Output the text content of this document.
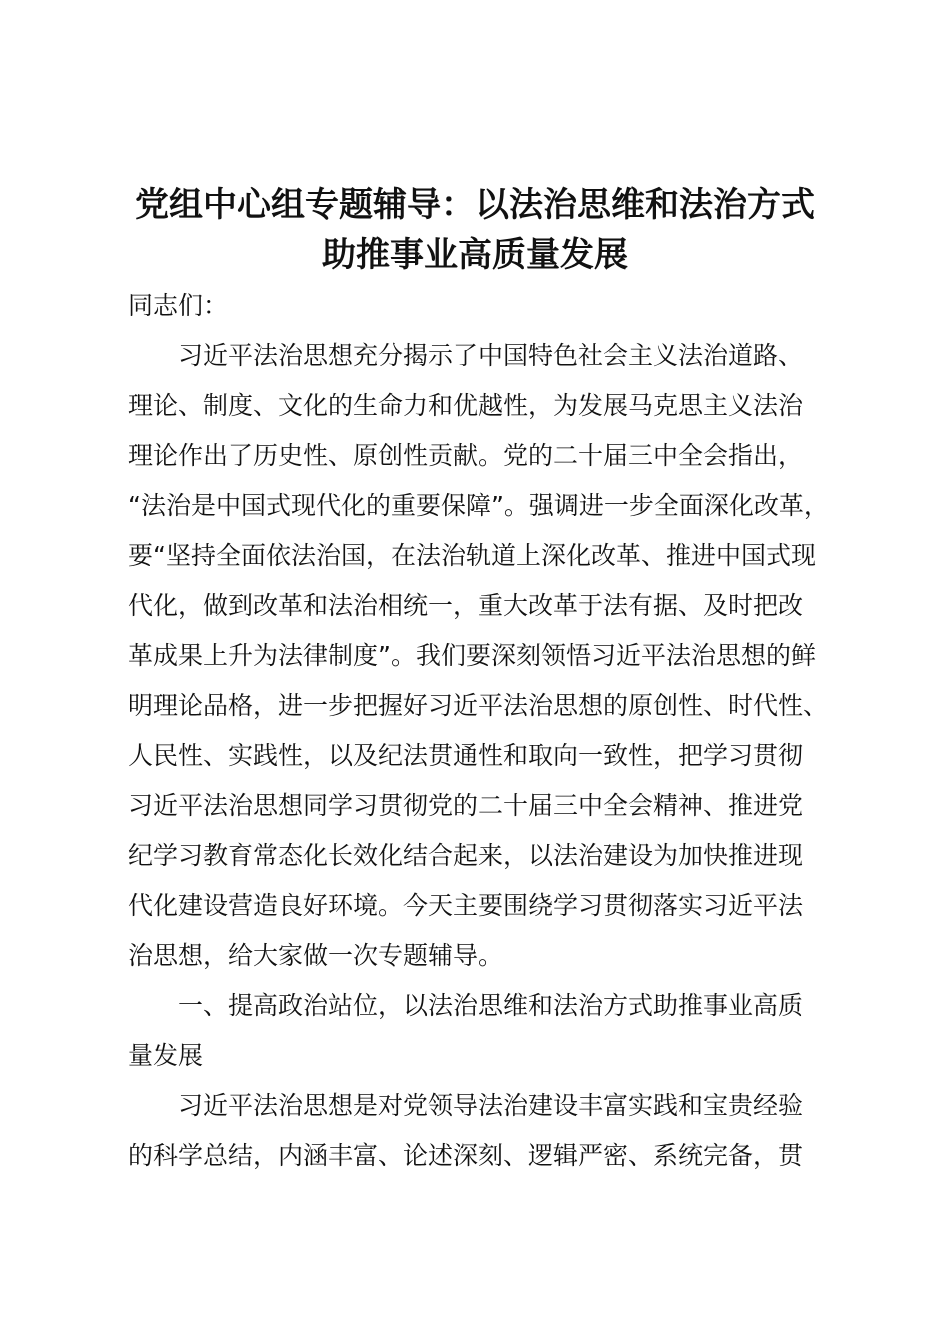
党组中心组专题辅导：以法治思维和法治方式
助推事业高质量发展
同志们：
　　习近平法治思想充分揭示了中国特色社会主义法治道路、
理论、制度、文化的生命力和优越性，为发展马克思主义法治
理论作出了历史性、原创性贡献。党的二十届三中全会指出，
“法治是中国式现代化的重要保障”。强调进一步全面深化改革，
要“坚持全面依法治国，在法治轨道上深化改革、推进中国式现
代化，做到改革和法治相统一，重大改革于法有据、及时把改
革成果上升为法律制度”。我们要深刻领悟习近平法治思想的鲜
明理论品格，进一步把握好习近平法治思想的原创性、时代性、
人民性、实践性，以及纪法贯通性和取向一致性，把学习贯彻
习近平法治思想同学习贯彻党的二十届三中全会精神、推进党
纪学习教育常态化长效化结合起来，以法治建设为加快推进现
代化建设营造良好环境。今天主要围绕学习贯彻落实习近平法
治思想，给大家做一次专题辅导。
　　一、提高政治站位，以法治思维和法治方式助推事业高质
量发展
　　习近平法治思想是对党领导法治建设丰富实践和宝贵经验
的科学总结，内涵丰富、论述深刻、逻辑严密、系统完备，贯
